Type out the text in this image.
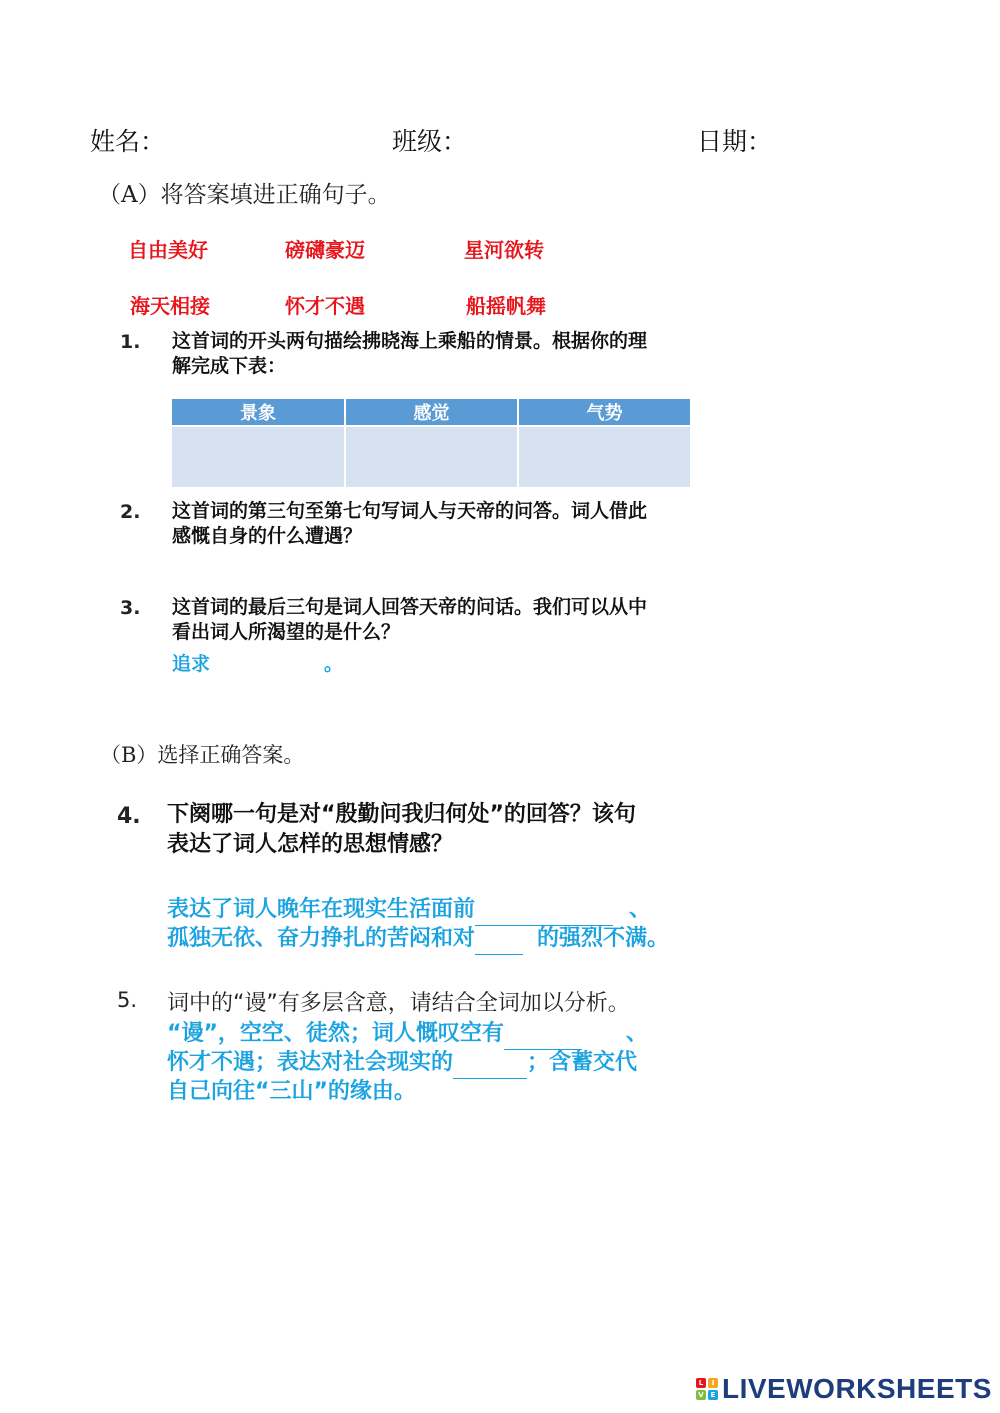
姓名：	班级：	日期：
（A）将答案填进正确句子。
自由美好	磅礴豪迈	星河欲转
海天相接	怀才不遇	船摇帆舞
1. 这首词的开头两句描绘拂晓海上乘船的情景。根据你的理
解完成下表：
景象	感觉	气势

2. 这首词的第三句至第七句写词人与天帝的问答。词人借此
感慨自身的什么遭遇？
3. 这首词的最后三句是词人回答天帝的问话。我们可以从中
看出词人所渴望的是什么？
追求	。
（B）选择正确答案。
4. 下阕哪一句是对“殷勤问我归何处”的回答？该句
表达了词人怎样的思想情感？
表达了词人晚年在现实生活面前	、
孤独无依、奋力挣扎的苦闷和对	的强烈不满。
5. 词中的“谩”有多层含意，请结合全词加以分析。
“谩”，空空、徒然；词人慨叹空有	、
怀才不遇；表达对社会现实的	；含蓄交代
自己向往“三山”的缘由。
L	I
V E LIVEWORKSHEETS
